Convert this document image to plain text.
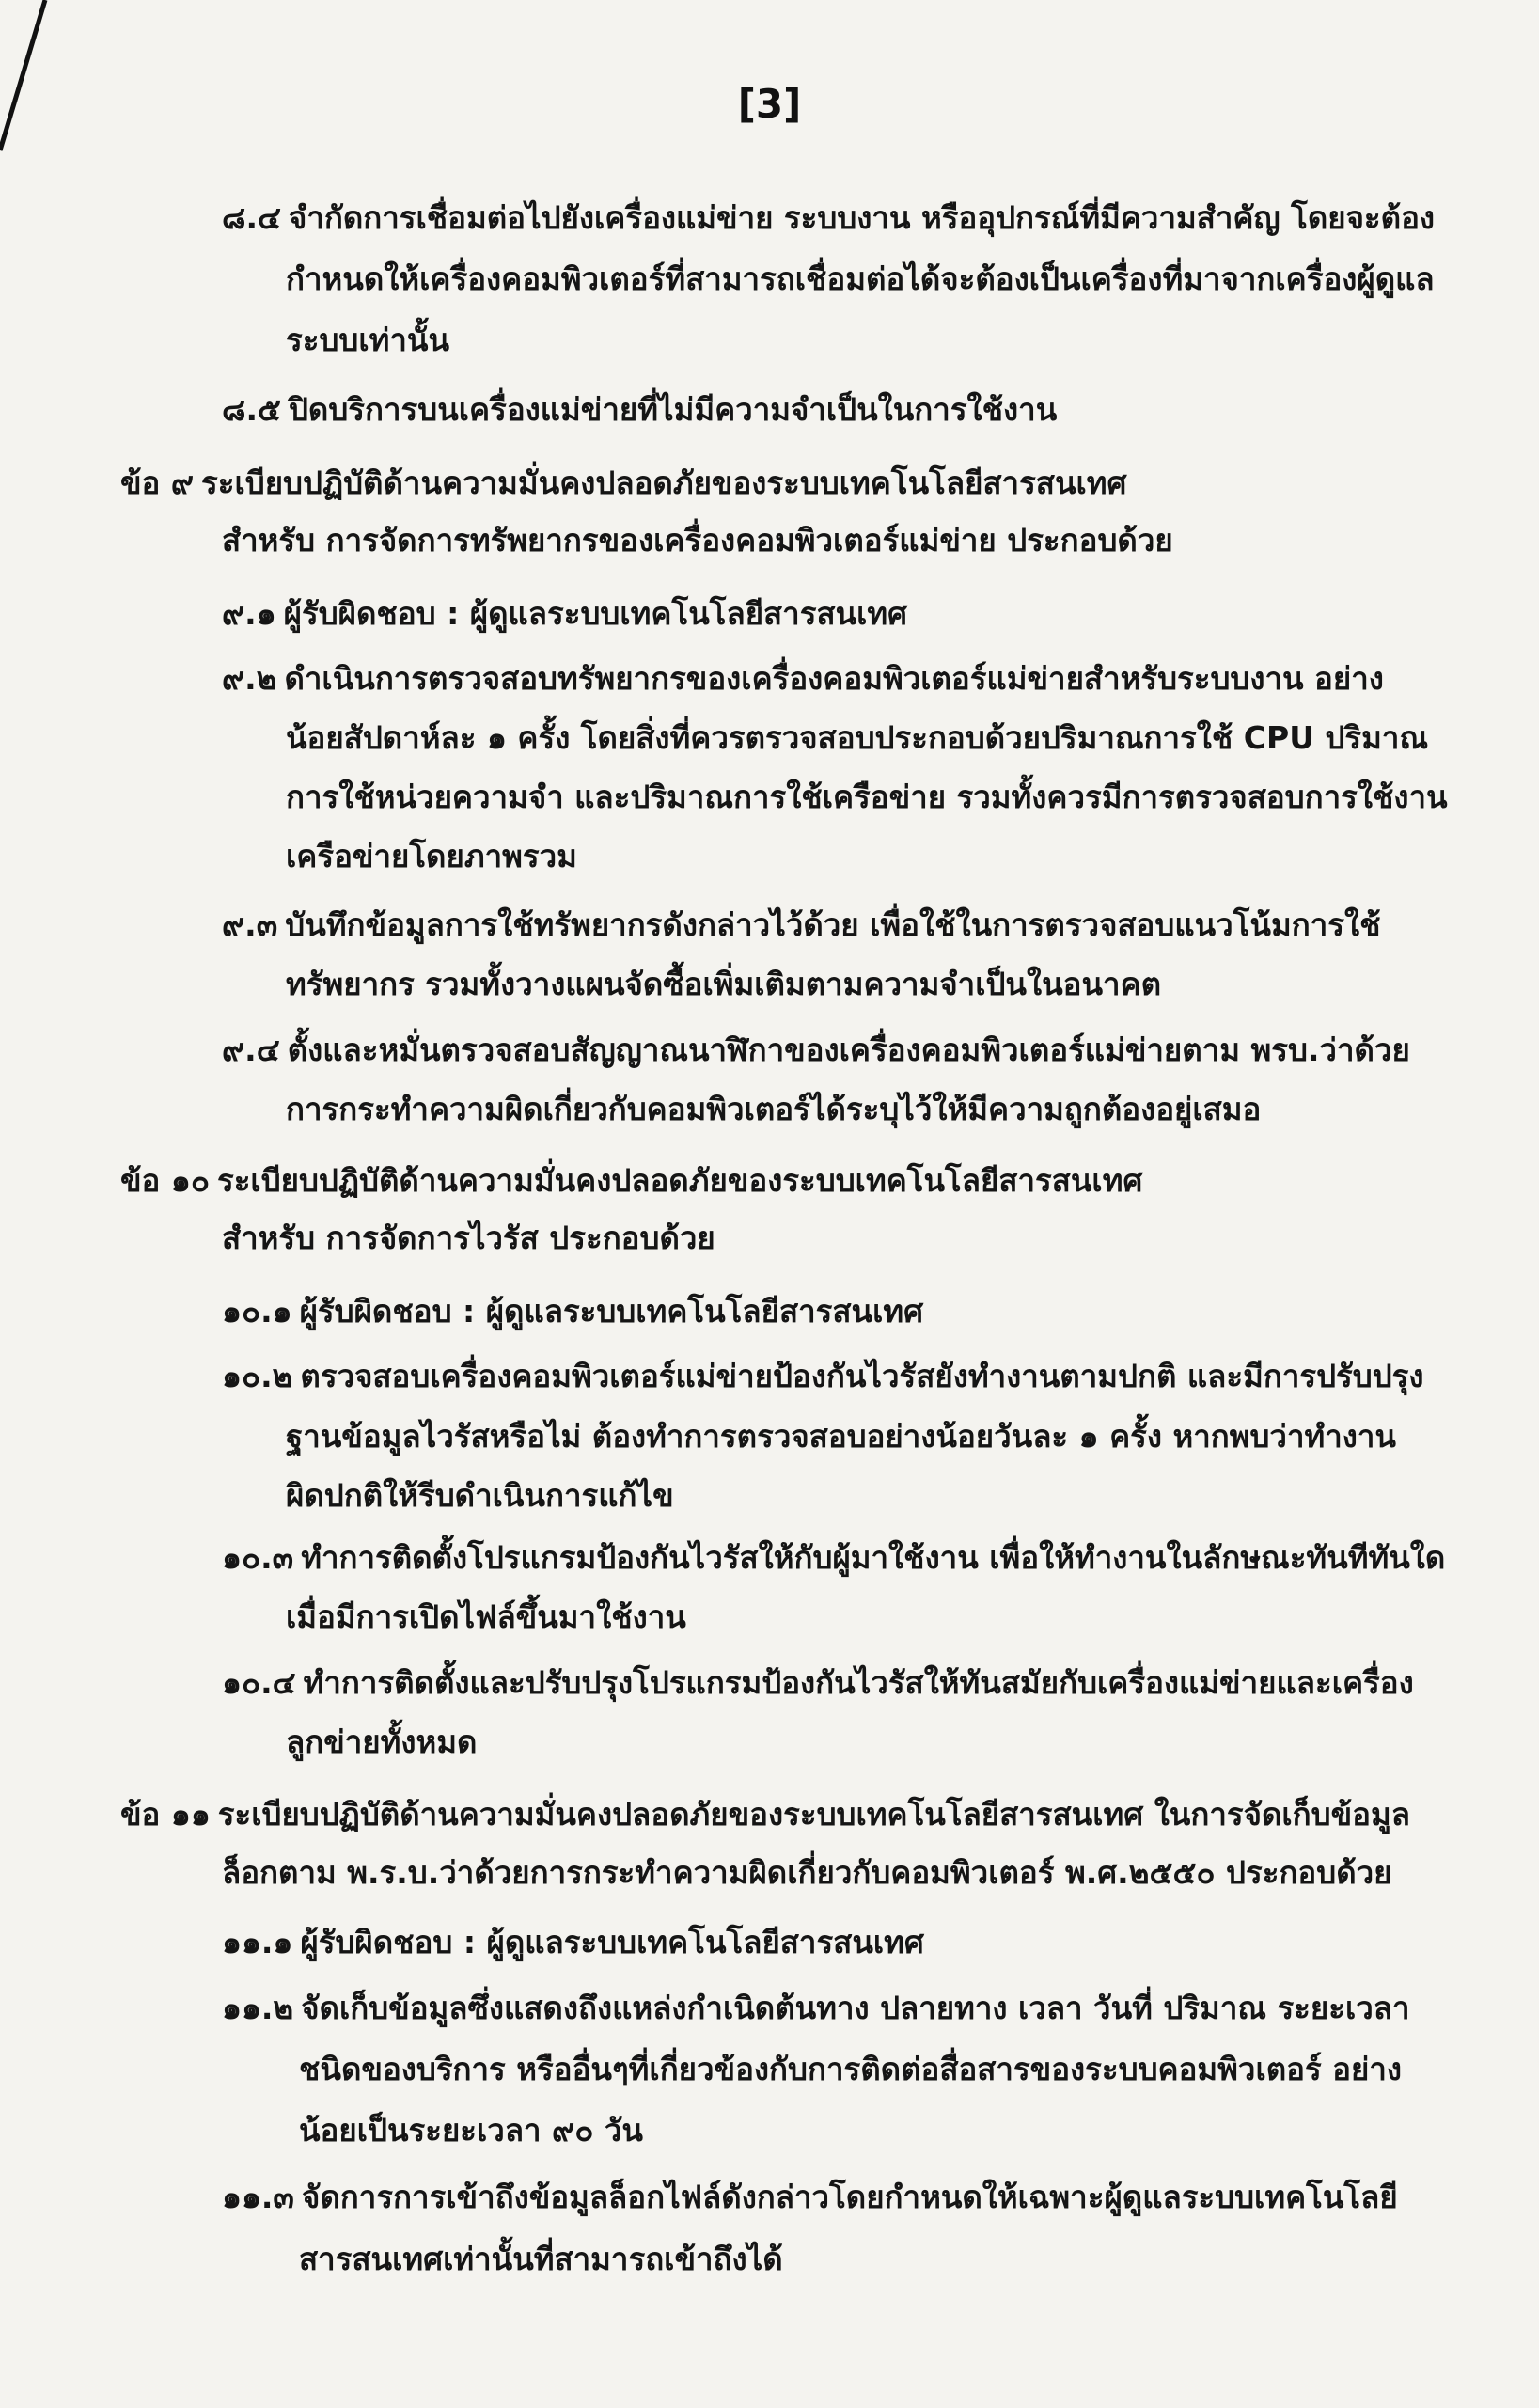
[3]
๘.๔ จำกัดการเชื่อมต่อไปยังเครื่องแม่ข่าย ระบบงาน หรืออุปกรณ์ที่มีความสำคัญ โดยจะต้อง
กำหนดให้เครื่องคอมพิวเตอร์ที่สามารถเชื่อมต่อได้จะต้องเป็นเครื่องที่มาจากเครื่องผู้ดูแล
ระบบเท่านั้น
๘.๕ ปิดบริการบนเครื่องแม่ข่ายที่ไม่มีความจำเป็นในการใช้งาน
ข้อ ๙ ระเบียบปฏิบัติด้านความมั่นคงปลอดภัยของระบบเทคโนโลยีสารสนเทศ
สำหรับ การจัดการทรัพยากรของเครื่องคอมพิวเตอร์แม่ข่าย ประกอบด้วย
๙.๑ ผู้รับผิดชอบ : ผู้ดูแลระบบเทคโนโลยีสารสนเทศ
๙.๒ ดำเนินการตรวจสอบทรัพยากรของเครื่องคอมพิวเตอร์แม่ข่ายสำหรับระบบงาน อย่าง
น้อยสัปดาห์ละ ๑ ครั้ง โดยสิ่งที่ควรตรวจสอบประกอบด้วยปริมาณการใช้ CPU ปริมาณ
การใช้หน่วยความจำ และปริมาณการใช้เครือข่าย รวมทั้งควรมีการตรวจสอบการใช้งาน
เครือข่ายโดยภาพรวม
๙.๓ บันทึกข้อมูลการใช้ทรัพยากรดังกล่าวไว้ด้วย เพื่อใช้ในการตรวจสอบแนวโน้มการใช้
ทรัพยากร รวมทั้งวางแผนจัดซื้อเพิ่มเติมตามความจำเป็นในอนาคต
๙.๔ ตั้งและหมั่นตรวจสอบสัญญาณนาฬิกาของเครื่องคอมพิวเตอร์แม่ข่ายตาม พรบ.ว่าด้วย
การกระทำความผิดเกี่ยวกับคอมพิวเตอร์ได้ระบุไว้ให้มีความถูกต้องอยู่เสมอ
ข้อ ๑๐ ระเบียบปฏิบัติด้านความมั่นคงปลอดภัยของระบบเทคโนโลยีสารสนเทศ
สำหรับ การจัดการไวรัส ประกอบด้วย
๑๐.๑ ผู้รับผิดชอบ : ผู้ดูแลระบบเทคโนโลยีสารสนเทศ
๑๐.๒ ตรวจสอบเครื่องคอมพิวเตอร์แม่ข่ายป้องกันไวรัสยังทำงานตามปกติ และมีการปรับปรุง
ฐานข้อมูลไวรัสหรือไม่ ต้องทำการตรวจสอบอย่างน้อยวันละ ๑ ครั้ง หากพบว่าทำงาน
ผิดปกติให้รีบดำเนินการแก้ไข
๑๐.๓ ทำการติดตั้งโปรแกรมป้องกันไวรัสให้กับผู้มาใช้งาน เพื่อให้ทำงานในลักษณะทันทีทันใด
เมื่อมีการเปิดไฟล์ขึ้นมาใช้งาน
๑๐.๔ ทำการติดตั้งและปรับปรุงโปรแกรมป้องกันไวรัสให้ทันสมัยกับเครื่องแม่ข่ายและเครื่อง
ลูกข่ายทั้งหมด
ข้อ ๑๑ ระเบียบปฏิบัติด้านความมั่นคงปลอดภัยของระบบเทคโนโลยีสารสนเทศ ในการจัดเก็บข้อมูล
ล็อกตาม พ.ร.บ.ว่าด้วยการกระทำความผิดเกี่ยวกับคอมพิวเตอร์ พ.ศ.๒๕๕๐ ประกอบด้วย
๑๑.๑ ผู้รับผิดชอบ : ผู้ดูแลระบบเทคโนโลยีสารสนเทศ
๑๑.๒ จัดเก็บข้อมูลซึ่งแสดงถึงแหล่งกำเนิดต้นทาง ปลายทาง เวลา วันที่ ปริมาณ ระยะเวลา
ชนิดของบริการ หรืออื่นๆที่เกี่ยวข้องกับการติดต่อสื่อสารของระบบคอมพิวเตอร์ อย่าง
น้อยเป็นระยะเวลา ๙๐ วัน
๑๑.๓ จัดการการเข้าถึงข้อมูลล็อกไฟล์ดังกล่าวโดยกำหนดให้เฉพาะผู้ดูแลระบบเทคโนโลยี
สารสนเทศเท่านั้นที่สามารถเข้าถึงได้
